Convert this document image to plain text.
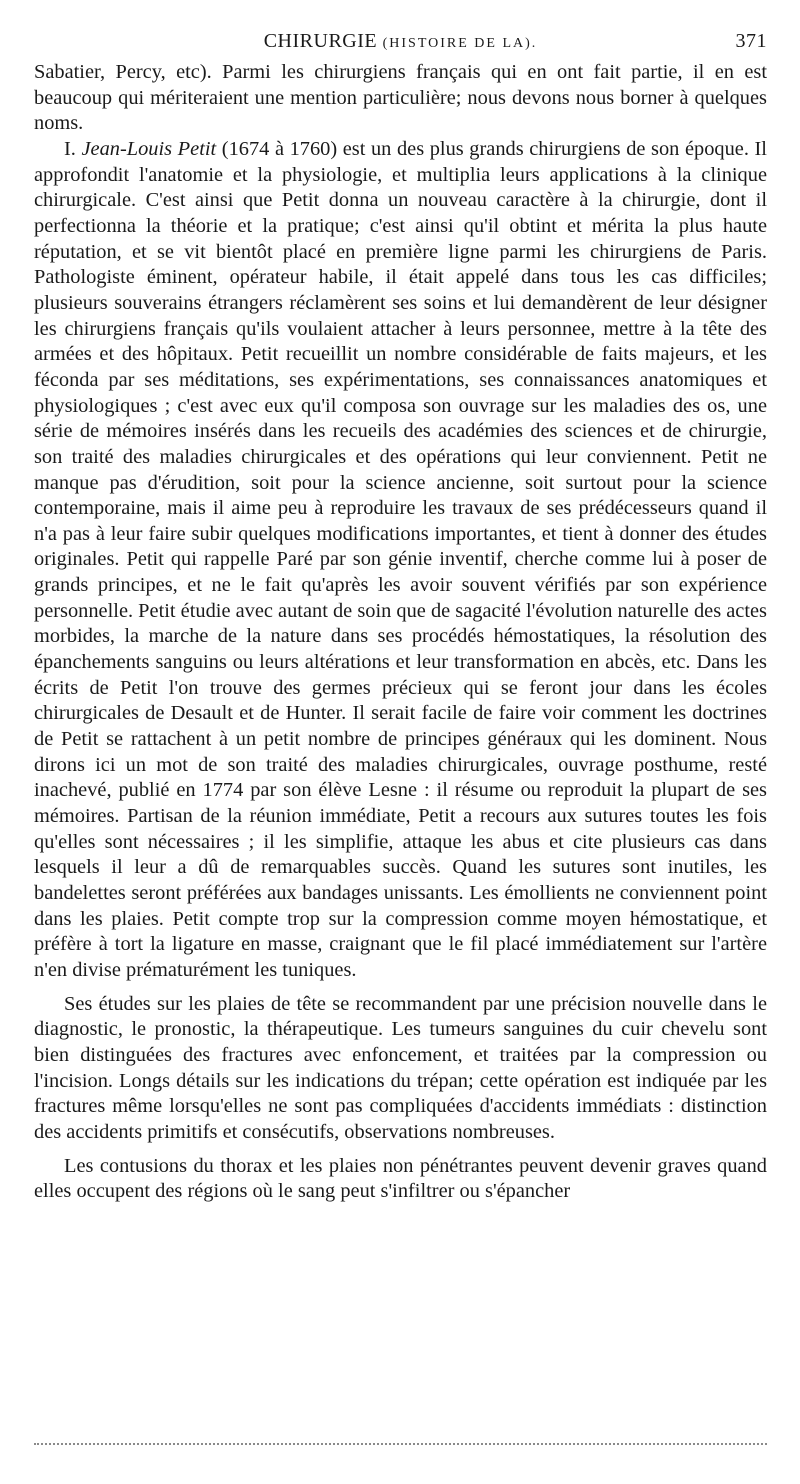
CHIRURGIE (HISTOIRE DE LA).	371

Sabatier, Percy, etc). Parmi les chirurgiens français qui en ont fait partie, il en est beaucoup qui mériteraient une mention particulière; nous devons nous borner à quelques noms.

I. Jean-Louis Petit (1674 à 1760) est un des plus grands chirurgiens de son époque. Il approfondit l'anatomie et la physiologie, et multiplia leurs applications à la clinique chirurgicale. C'est ainsi que Petit donna un nouveau caractère à la chirurgie, dont il perfectionna la théorie et la pratique; c'est ainsi qu'il obtint et mérita la plus haute réputation, et se vit bientôt placé en première ligne parmi les chirurgiens de Paris. Pathologiste éminent, opérateur habile, il était appelé dans tous les cas difficiles; plusieurs souverains étrangers réclamèrent ses soins et lui demandèrent de leur désigner les chirurgiens français qu'ils voulaient attacher à leurs personnee, mettre à la tête des armées et des hôpitaux. Petit recueillit un nombre considérable de faits majeurs, et les féconda par ses méditations, ses expérimentations, ses connaissances anatomiques et physiologiques ; c'est avec eux qu'il composa son ouvrage sur les maladies des os, une série de mémoires insérés dans les recueils des académies des sciences et de chirurgie, son traité des maladies chirurgicales et des opérations qui leur conviennent. Petit ne manque pas d'érudition, soit pour la science ancienne, soit surtout pour la science contemporaine, mais il aime peu à reproduire les travaux de ses prédécesseurs quand il n'a pas à leur faire subir quelques modifications importantes, et tient à donner des études originales. Petit qui rappelle Paré par son génie inventif, cherche comme lui à poser de grands principes, et ne le fait qu'après les avoir souvent vérifiés par son expérience personnelle. Petit étudie avec autant de soin que de sagacité l'évolution naturelle des actes morbides, la marche de la nature dans ses procédés hémostatiques, la résolution des épanchements sanguins ou leurs altérations et leur transformation en abcès, etc. Dans les écrits de Petit l'on trouve des germes précieux qui se feront jour dans les écoles chirurgicales de Desault et de Hunter. Il serait facile de faire voir comment les doctrines de Petit se rattachent à un petit nombre de principes généraux qui les dominent. Nous dirons ici un mot de son traité des maladies chirurgicales, ouvrage posthume, resté inachevé, publié en 1774 par son élève Lesne : il résume ou reproduit la plupart de ses mémoires. Partisan de la réunion immédiate, Petit a recours aux sutures toutes les fois qu'elles sont nécessaires ; il les simplifie, attaque les abus et cite plusieurs cas dans lesquels il leur a dû de remarquables succès. Quand les sutures sont inutiles, les bandelettes seront préférées aux bandages unissants. Les émollients ne conviennent point dans les plaies. Petit compte trop sur la compression comme moyen hémostatique, et préfère à tort la ligature en masse, craignant que le fil placé immédiatement sur l'artère n'en divise prématurément les tuniques.

Ses études sur les plaies de tête se recommandent par une précision nouvelle dans le diagnostic, le pronostic, la thérapeutique. Les tumeurs sanguines du cuir chevelu sont bien distinguées des fractures avec enfoncement, et traitées par la compression ou l'incision. Longs détails sur les indications du trépan; cette opération est indiquée par les fractures même lorsqu'elles ne sont pas compliquées d'accidents immédiats : distinction des accidents primitifs et consécutifs, observations nombreuses.

Les contusions du thorax et les plaies non pénétrantes peuvent devenir graves quand elles occupent des régions où le sang peut s'infiltrer ou s'épancher
